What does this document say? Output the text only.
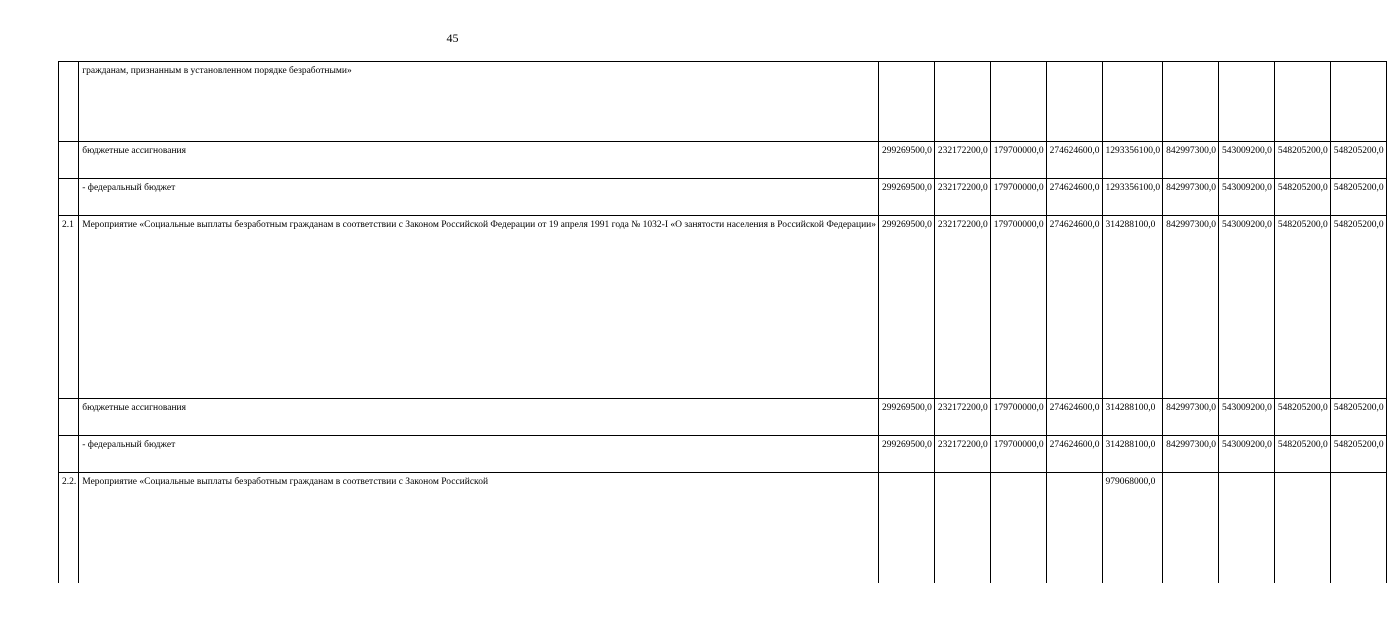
45
	гражданам, признанным в установленном порядке безработными»									
	бюджетные ассигнования	299269500,0	232172200,0	179700000,0	274624600,0	1293356100,0	842997300,0	543009200,0	548205200,0	548205200,0
	- федеральный бюджет	299269500,0	232172200,0	179700000,0	274624600,0	1293356100,0	842997300,0	543009200,0	548205200,0	548205200,0
2.1	Мероприятие «Социальные выплаты безработным гражданам в соответствии с Законом Российской Федерации от 19 апреля 1991 года № 1032-I «О занятости населения в Российской Федерации»	299269500,0	232172200,0	179700000,0	274624600,0	314288100,0	842997300,0	543009200,0	548205200,0	548205200,0
	бюджетные ассигнования	299269500,0	232172200,0	179700000,0	274624600,0	314288100,0	842997300,0	543009200,0	548205200,0	548205200,0
	- федеральный бюджет	299269500,0	232172200,0	179700000,0	274624600,0	314288100,0	842997300,0	543009200,0	548205200,0	548205200,0
2.2.	Мероприятие «Социальные выплаты безработным гражданам в соответствии с Законом Российской					979068000,0				
